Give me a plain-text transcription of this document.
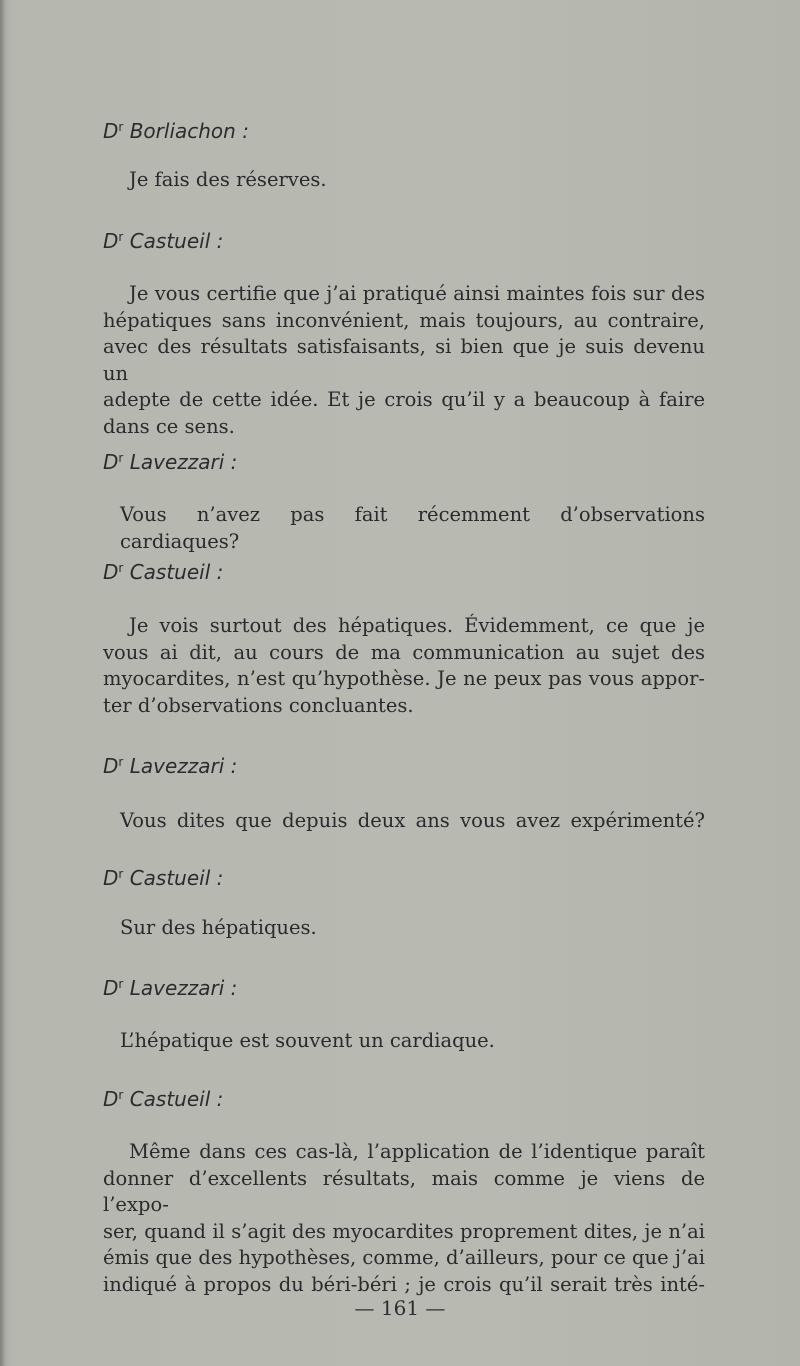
$D^r$ Borliachon :
Je fais des réserves.
$D^r$ Castueil :
Je vous certifie que j’ai pratiqué ainsi maintes fois sur des
hépatiques sans inconvénient, mais toujours, au contraire,
avec des résultats satisfaisants, si bien que je suis devenu un
adepte de cette idée. Et je crois qu’il y a beaucoup à faire
dans ce sens.
$D^r$ Lavezzari :
Vous n’avez pas fait récemment d’observations cardiaques?
$D^r$ Castueil :
Je vois surtout des hépatiques. Évidemment, ce que je
vous ai dit, au cours de ma communication au sujet des
myocardites, n’est qu’hypothèse. Je ne peux pas vous appor-
ter d’observations concluantes.
$D^r$ Lavezzari :
Vous dites que depuis deux ans vous avez expérimenté?
$D^r$ Castueil :
Sur des hépatiques.
$D^r$ Lavezzari :
L’hépatique est souvent un cardiaque.
$D^r$ Castueil :
Même dans ces cas-là, l’application de l’identique paraît
donner d’excellents résultats, mais comme je viens de l’expo-
ser, quand il s’agit des myocardites proprement dites, je n’ai
émis que des hypothèses, comme, d’ailleurs, pour ce que j’ai
indiqué à propos du béri-béri ; je crois qu’il serait très inté-
— 161 —
